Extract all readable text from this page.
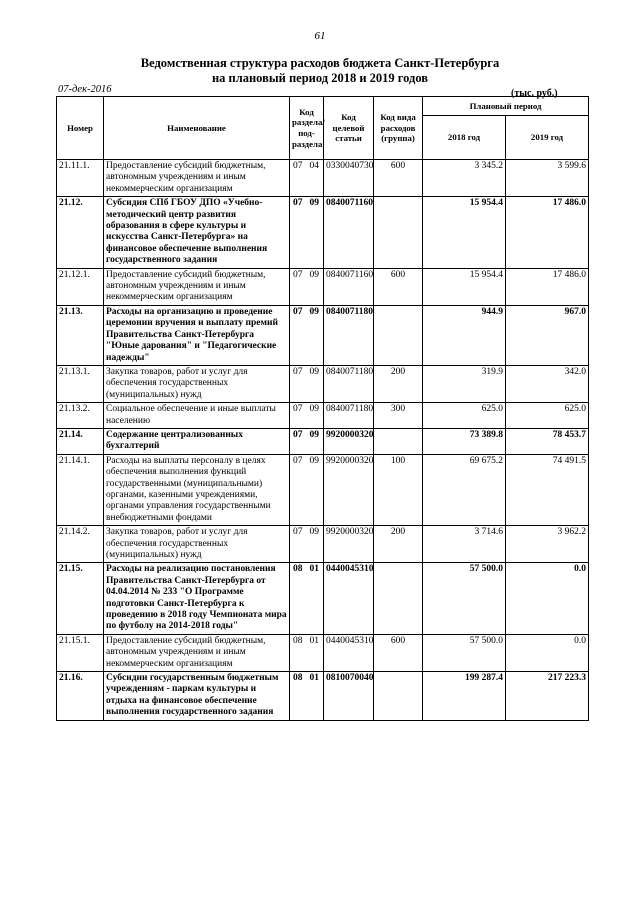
61
Ведомственная структура расходов бюджета Санкт-Петербурга
на плановый период 2018 и 2019 годов
07-дек-2016	(тыс. руб.)
Номер	Наименование	Код раздела/ под- раздела		Код целевой статьи	Код вида расходов (группа)	Плановый период	
						2018 год	2019 год
21.11.1.	Предоставление субсидий бюджетным, автономным учреждениям и иным некоммерческим организациям	07	04	0330040730	600	3 345.2	3 599.6
21.12.	Субсидия СПб ГБОУ ДПО «Учебно-методический центр развития образования в сфере культуры и искусства Санкт-Петербурга» на финансовое обеспечение выполнения государственного задания	07	09	0840071160		15 954.4	17 486.0
21.12.1.	Предоставление субсидий бюджетным, автономным учреждениям и иным некоммерческим организациям	07	09	0840071160	600	15 954.4	17 486.0
21.13.	Расходы на организацию и проведение церемонии вручения и выплату премий Правительства Санкт-Петербурга "Юные дарования" и "Педагогические надежды"	07	09	0840071180		944.9	967.0
21.13.1.	Закупка товаров, работ и услуг для обеспечения государственных (муниципальных) нужд	07	09	0840071180	200	319.9	342.0
21.13.2.	Социальное обеспечение и иные выплаты населению	07	09	0840071180	300	625.0	625.0
21.14.	Содержание централизованных бухгалтерий	07	09	9920000320		73 389.8	78 453.7
21.14.1.	Расходы на выплаты персоналу в целях обеспечения выполнения функций государственными (муниципальными) органами, казенными учреждениями, органами управления государственными внебюджетными фондами	07	09	9920000320	100	69 675.2	74 491.5
21.14.2.	Закупка товаров, работ и услуг для обеспечения государственных (муниципальных) нужд	07	09	9920000320	200	3 714.6	3 962.2
21.15.	Расходы на реализацию постановления Правительства Санкт-Петербурга от 04.04.2014 № 233 "О Программе подготовки Санкт-Петербурга к проведению в 2018 году Чемпионата мира по футболу на 2014-2018 годы"	08	01	0440045310		57 500.0	0.0
21.15.1.	Предоставление субсидий бюджетным, автономным учреждениям и иным некоммерческим организациям	08	01	0440045310	600	57 500.0	0.0
21.16.	Субсидии государственным бюджетным учреждениям - паркам культуры и отдыха на финансовое обеспечение выполнения государственного задания	08	01	0810070040		199 287.4	217 223.3
